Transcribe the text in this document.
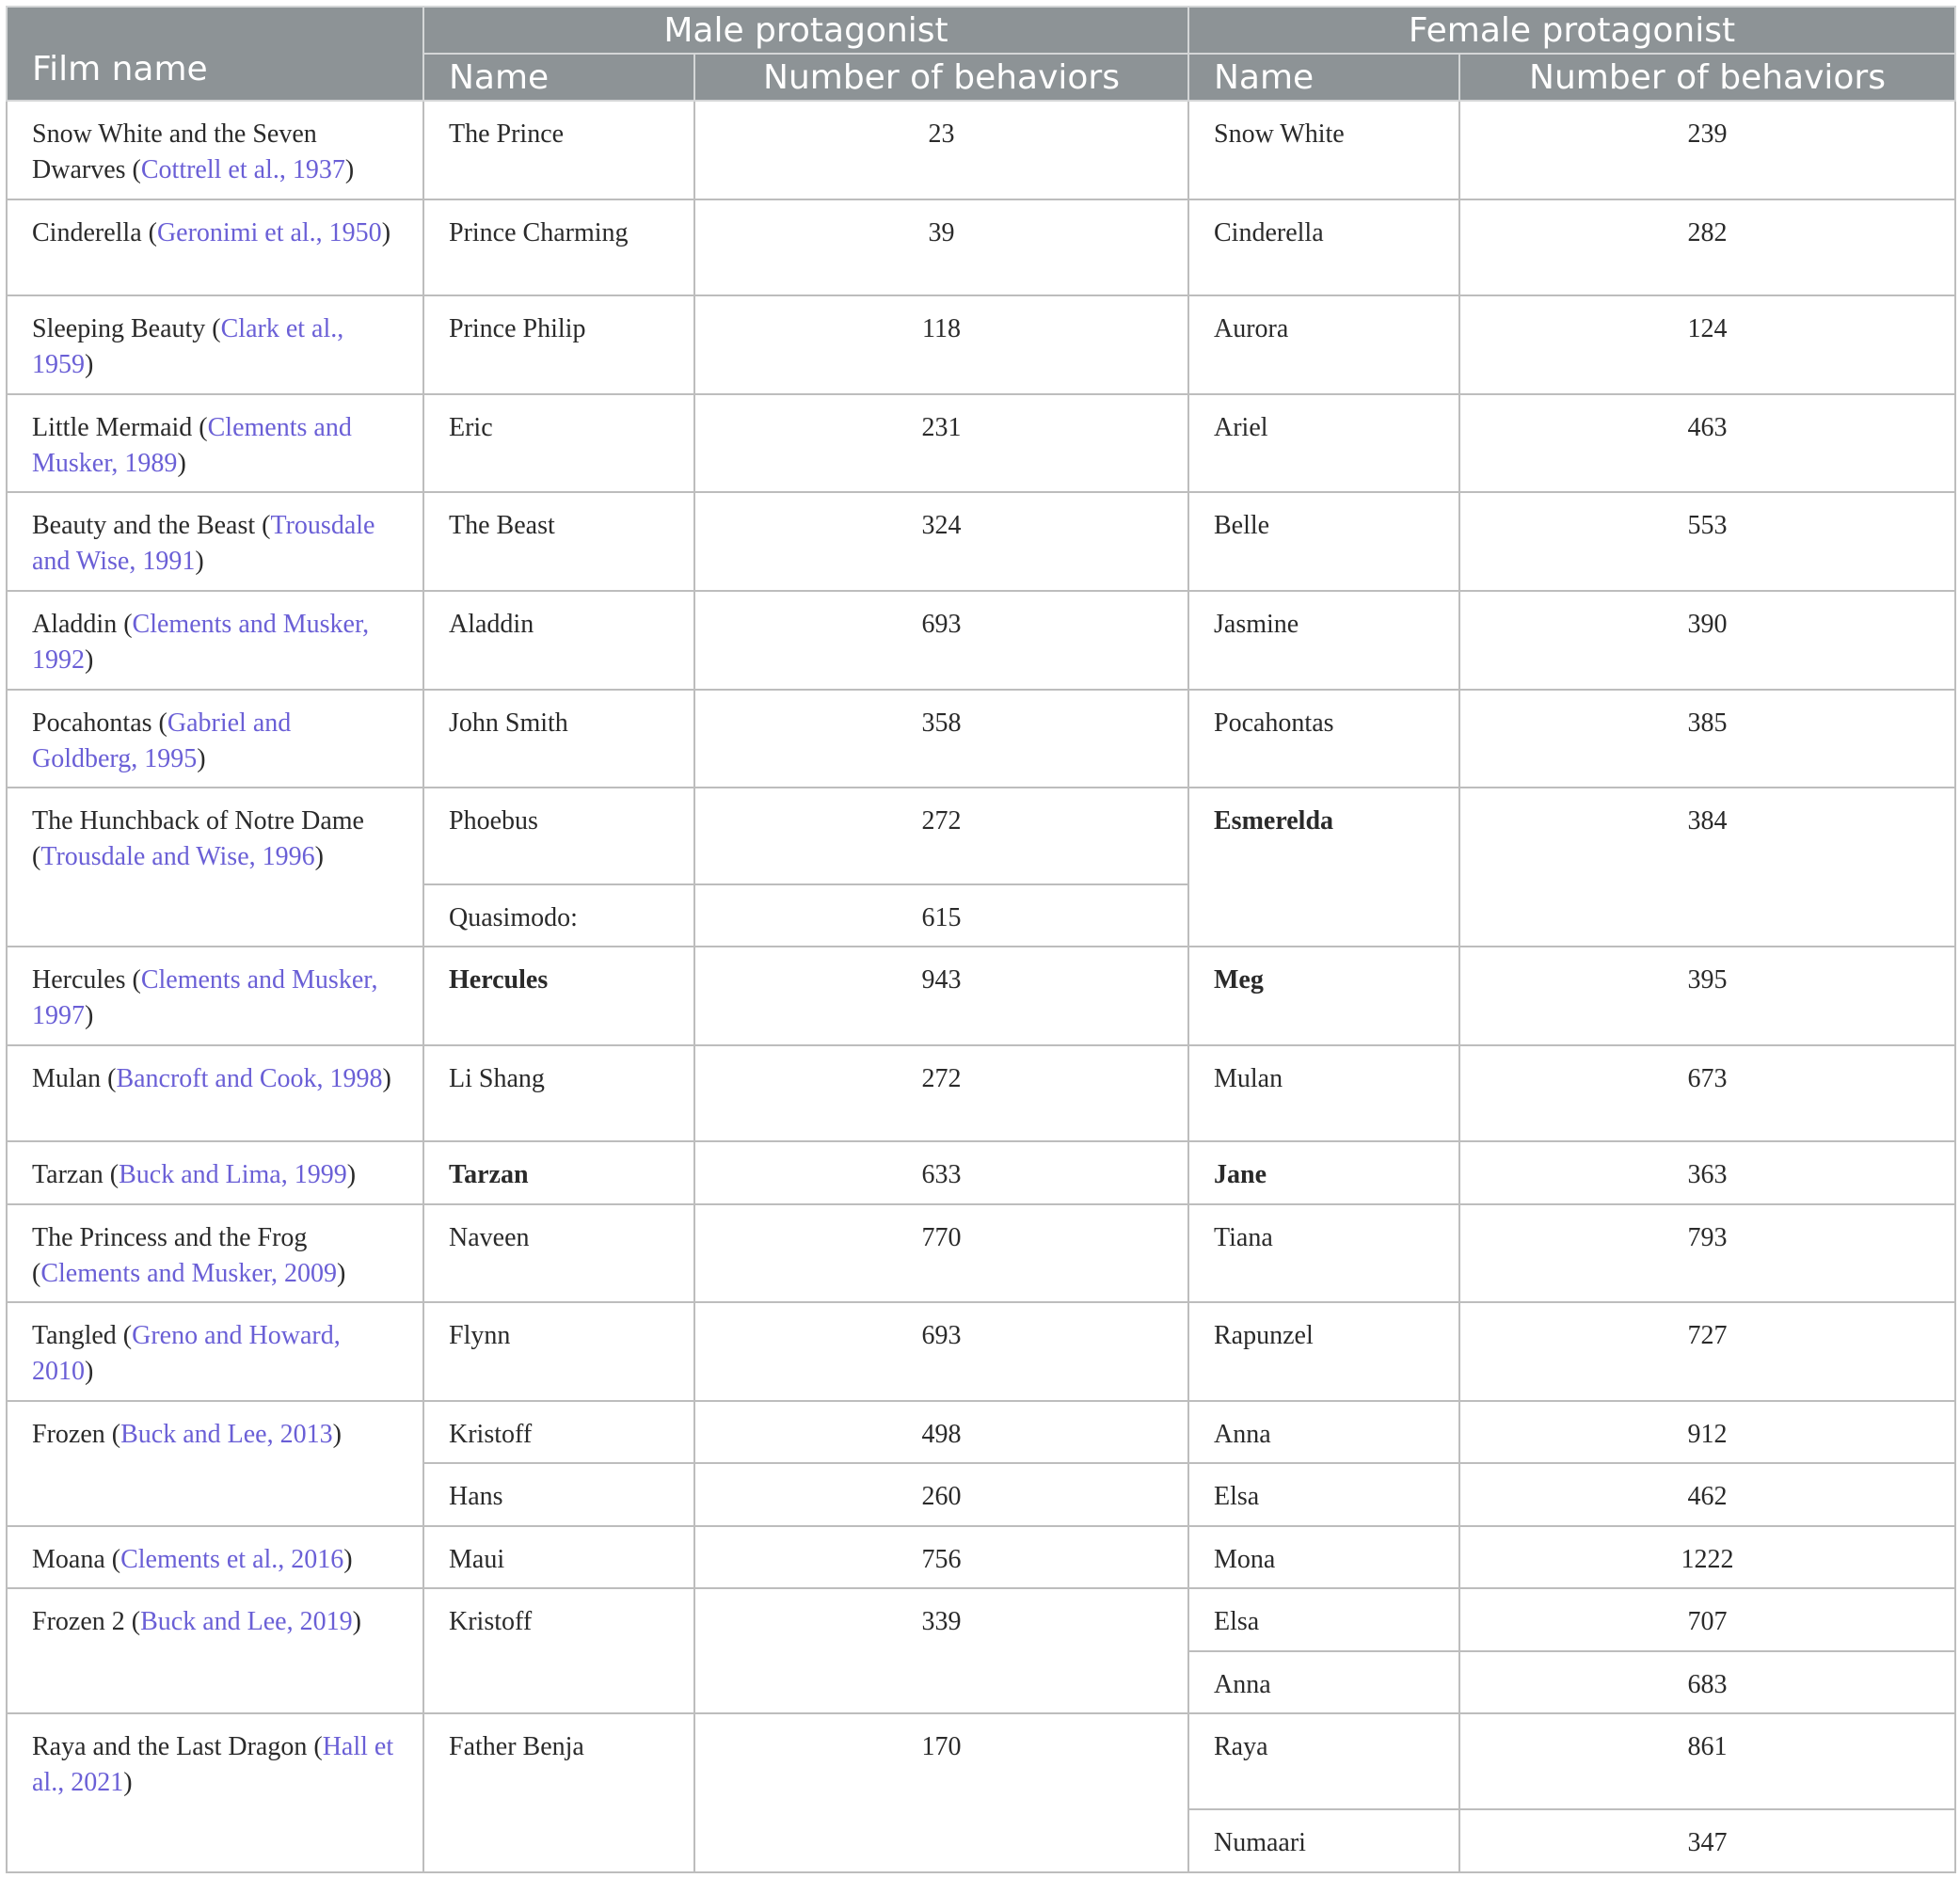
Film name	Male protagonist		Female protagonist	
	Name	Number of behaviors	Name	Number of behaviors
Snow White and the Seven Dwarves (Cottrell et al., 1937)	The Prince	23	Snow White	239
Cinderella (Geronimi et al., 1950)	Prince Charming	39	Cinderella	282
Sleeping Beauty (Clark et al., 1959)	Prince Philip	118	Aurora	124
Little Mermaid (Clements and Musker, 1989)	Eric	231	Ariel	463
Beauty and the Beast (Trousdale and Wise, 1991)	The Beast	324	Belle	553
Aladdin (Clements and Musker, 1992)	Aladdin	693	Jasmine	390
Pocahontas (Gabriel and Goldberg, 1995)	John Smith	358	Pocahontas	385
The Hunchback of Notre Dame (Trousdale and Wise, 1996)	Phoebus	272	Esmerelda	384
	Quasimodo:	615		
Hercules (Clements and Musker, 1997)	Hercules	943	Meg	395
Mulan (Bancroft and Cook, 1998)	Li Shang	272	Mulan	673
Tarzan (Buck and Lima, 1999)	Tarzan	633	Jane	363
The Princess and the Frog (Clements and Musker, 2009)	Naveen	770	Tiana	793
Tangled (Greno and Howard, 2010)	Flynn	693	Rapunzel	727
Frozen (Buck and Lee, 2013)	Kristoff	498	Anna	912
	Hans	260	Elsa	462
Moana (Clements et al., 2016)	Maui	756	Mona	1222
Frozen 2 (Buck and Lee, 2019)	Kristoff	339	Elsa	707
			Anna	683
Raya and the Last Dragon (Hall et al., 2021)	Father Benja	170	Raya	861
			Numaari	347
